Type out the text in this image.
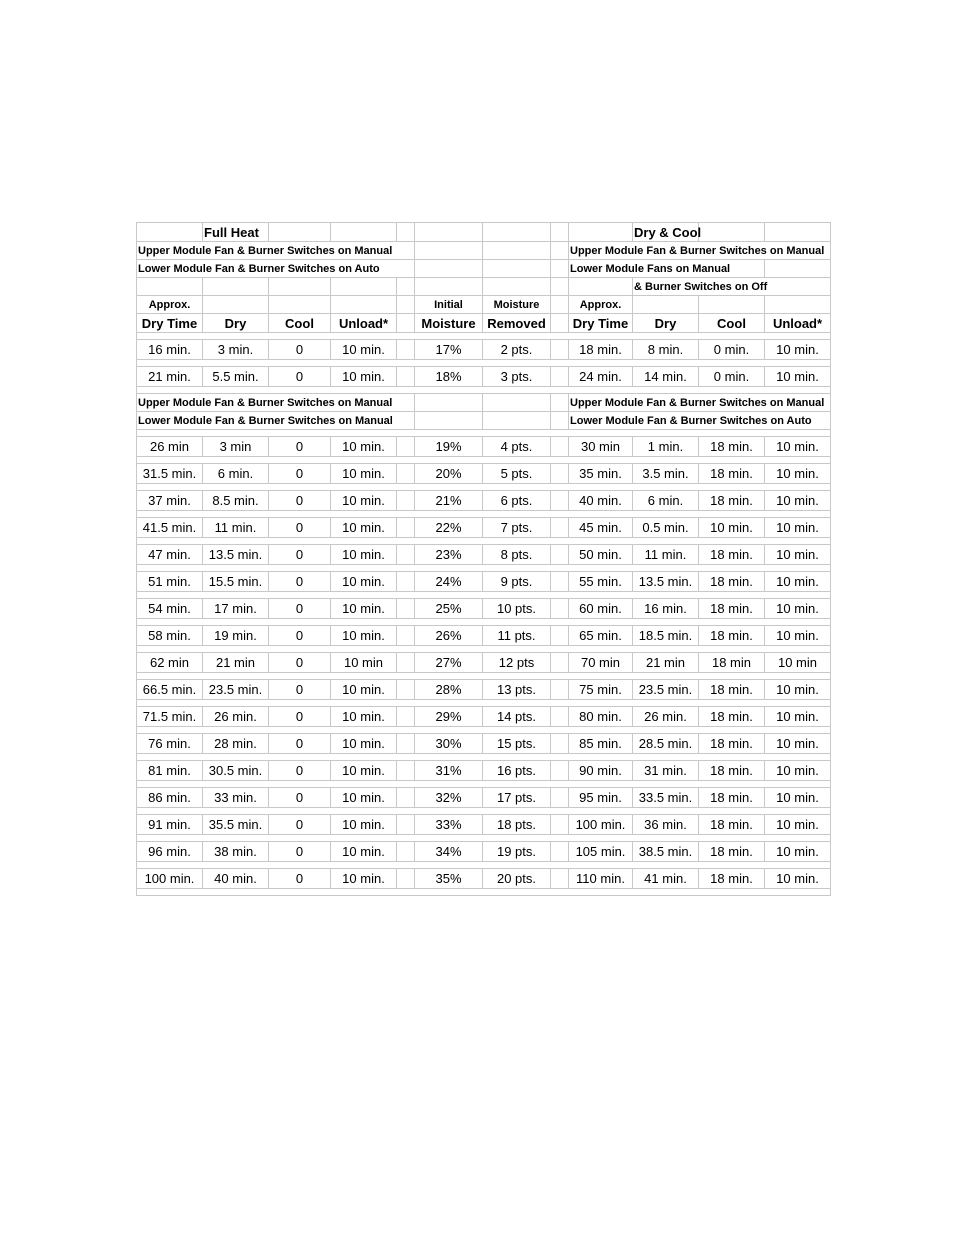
	Full Heat								Dry & Cool		
Upper Module Fan & Burner Switches on Manual								Upper Module Fan & Burner Switches on Manual			
Lower Module Fan & Burner Switches on Auto								Lower Module Fans on Manual			
									& Burner Switches on Off		
Approx.					Initial	Moisture		Approx.			
Dry Time	Dry	Cool	Unload*		Moisture	Removed		Dry Time	Dry	Cool	Unload*

16 min.	3 min.	0	10 min.		17%	2 pts.		18 min.	8 min.	0 min.	10 min.

21 min.	5.5 min.	0	10 min.		18%	3 pts.		24 min.	14 min.	0 min.	10 min.

Upper Module Fan & Burner Switches on Manual								Upper Module Fan & Burner Switches on Manual			
Lower Module Fan & Burner Switches on Manual								Lower Module Fan & Burner Switches on Auto			

26 min	3 min	0	10 min.		19%	4 pts.		30 min	1 min.	18 min.	10 min.

31.5 min.	6 min.	0	10 min.		20%	5 pts.		35 min.	3.5 min.	18 min.	10 min.

37 min.	8.5 min.	0	10 min.		21%	6 pts.		40 min.	6 min.	18 min.	10 min.

41.5 min.	11 min.	0	10 min.		22%	7 pts.		45 min.	0.5 min.	10 min.	10 min.

47 min.	13.5 min.	0	10 min.		23%	8 pts.		50 min.	11 min.	18 min.	10 min.

51 min.	15.5 min.	0	10 min.		24%	9 pts.		55 min.	13.5 min.	18 min.	10 min.

54 min.	17 min.	0	10 min.		25%	10 pts.		60 min.	16 min.	18 min.	10 min.

58 min.	19 min.	0	10 min.		26%	11 pts.		65 min.	18.5 min.	18 min.	10 min.

62 min	21 min	0	10 min		27%	12 pts		70 min	21 min	18 min	10 min

66.5 min.	23.5 min.	0	10 min.		28%	13 pts.		75 min.	23.5 min.	18 min.	10 min.

71.5 min.	26 min.	0	10 min.		29%	14 pts.		80 min.	26 min.	18 min.	10 min.

76 min.	28 min.	0	10 min.		30%	15 pts.		85 min.	28.5 min.	18 min.	10 min.

81 min.	30.5 min.	0	10 min.		31%	16 pts.		90 min.	31 min.	18 min.	10 min.

86 min.	33 min.	0	10 min.		32%	17 pts.		95 min.	33.5 min.	18 min.	10 min.

91 min.	35.5 min.	0	10 min.		33%	18 pts.		100 min.	36 min.	18 min.	10 min.

96 min.	38 min.	0	10 min.		34%	19 pts.		105 min.	38.5 min.	18 min.	10 min.

100 min.	40 min.	0	10 min.		35%	20 pts.		110 min.	41 min.	18 min.	10 min.
